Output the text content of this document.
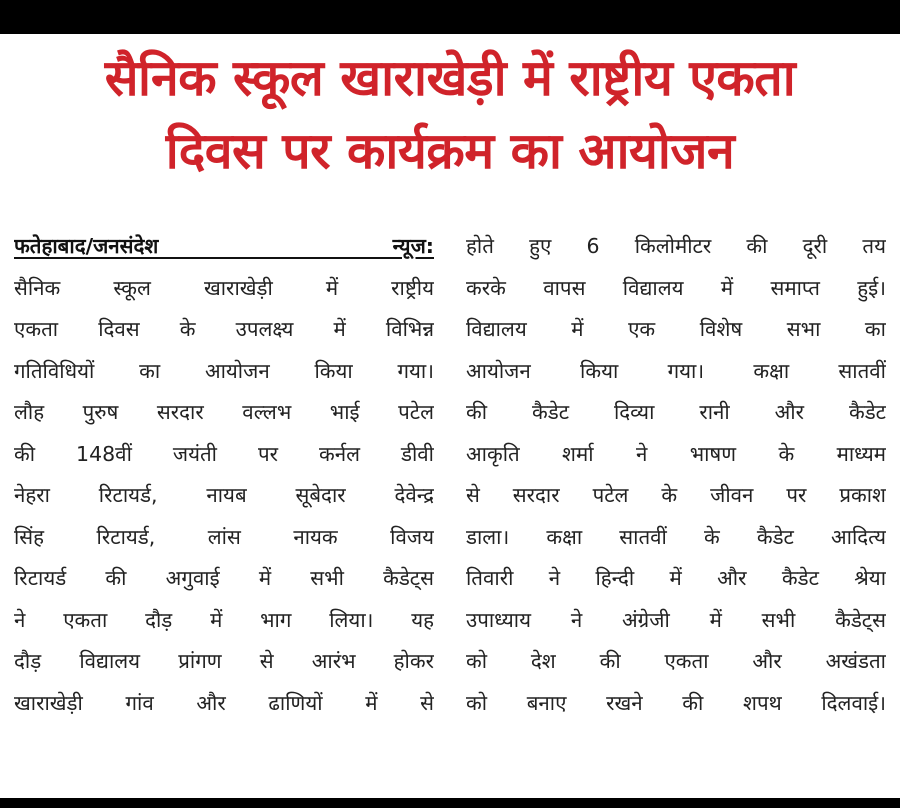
सैनिक स्कूल खाराखेड़ी में राष्ट्रीय एकता
दिवस पर कार्यक्रम का आयोजन
फतेहाबाद/जनसंदेश न्यूज:
सैनिक स्कूल खाराखेड़ी में राष्ट्रीय
एकता दिवस के उपलक्ष्य में विभिन्न
गतिविधियों का आयोजन किया गया।
लौह पुरुष सरदार वल्लभ भाई पटेल
की 148वीं जयंती पर कर्नल डीवी
नेहरा रिटायर्ड, नायब सूबेदार देवेन्द्र
सिंह रिटायर्ड, लांस नायक विजय
रिटायर्ड की अगुवाई में सभी कैडेट्स
ने एकता दौड़ में भाग लिया। यह
दौड़ विद्यालय प्रांगण से आरंभ होकर
खाराखेड़ी गांव और ढाणियों में से
होते हुए 6 किलोमीटर की दूरी तय
करके वापस विद्यालय में समाप्त हुई।
विद्यालय में एक विशेष सभा का
आयोजन किया गया। कक्षा सातवीं
की कैडेट दिव्या रानी और कैडेट
आकृति शर्मा ने भाषण के माध्यम
से सरदार पटेल के जीवन पर प्रकाश
डाला। कक्षा सातवीं के कैडेट आदित्य
तिवारी ने हिन्दी में और कैडेट श्रेया
उपाध्याय ने अंग्रेजी में सभी कैडेट्स
को देश की एकता और अखंडता
को बनाए रखने की शपथ दिलवाई।
